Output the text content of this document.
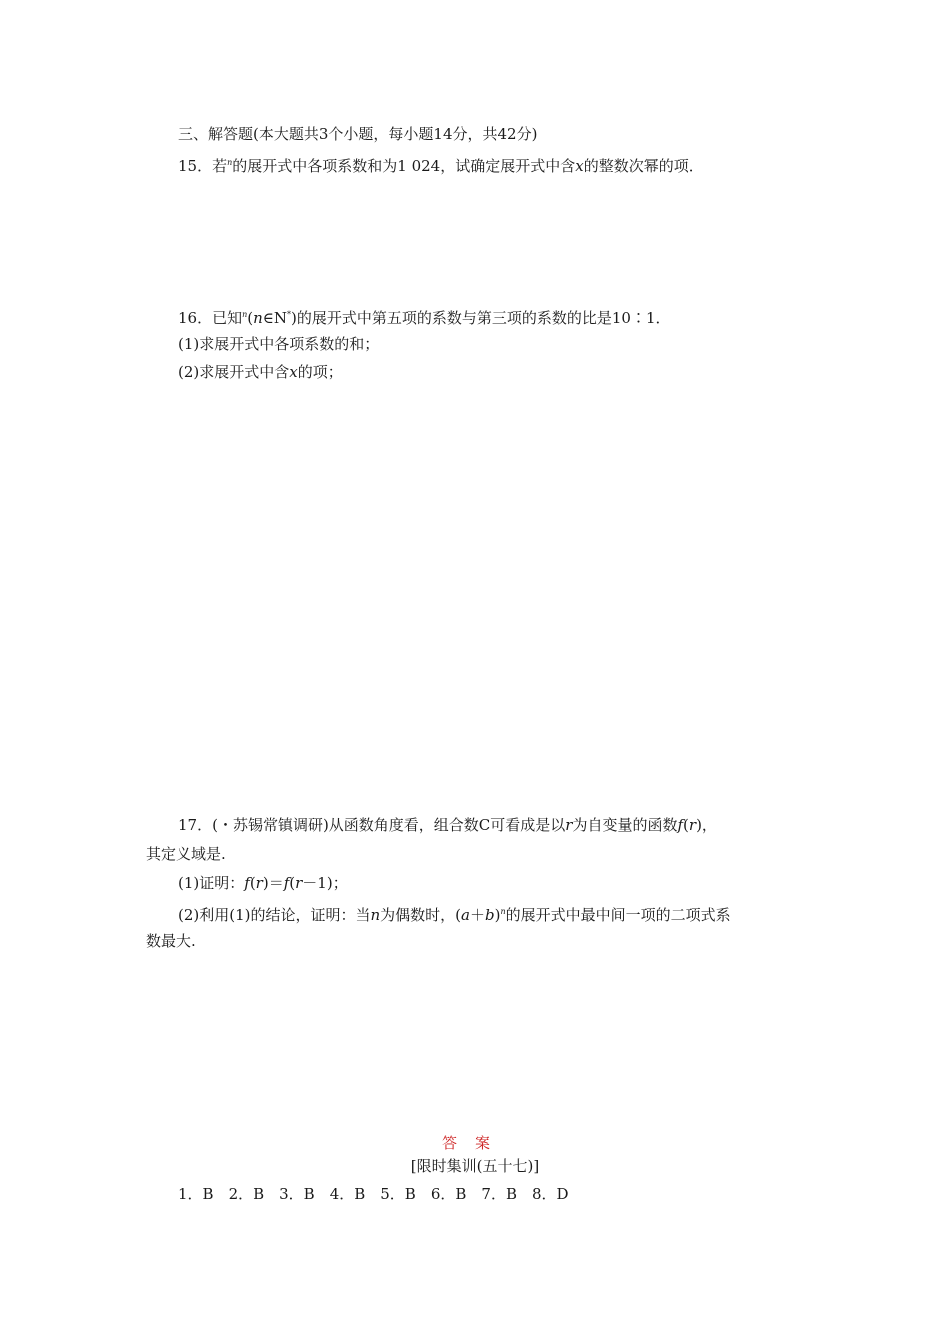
三、解答题(本大题共3个小题，每小题14分，共42分)
15．若$^n$的展开式中各项系数和为1 024，试确定展开式中含x的整数次幂的项．
16．已知$^n$(n∈N*)的展开式中第五项的系数与第三项的系数的比是10∶1．
(1)求展开式中各项系数的和；
(2)求展开式中含x的项；
17．(・苏锡常镇调研)从函数角度看，组合数C可看成是以r为自变量的函数f(r)，
其定义域是.
(1)证明：f(r)＝f(r－1)；
(2)利用(1)的结论，证明：当n为偶数时，$(a+b)^n$的展开式中最中间一项的二项式系
数最大.
答案
[限时集训(五十七)]
1．B　2．B　3．B　4．B　5．B　6．B　7．B　8．D
